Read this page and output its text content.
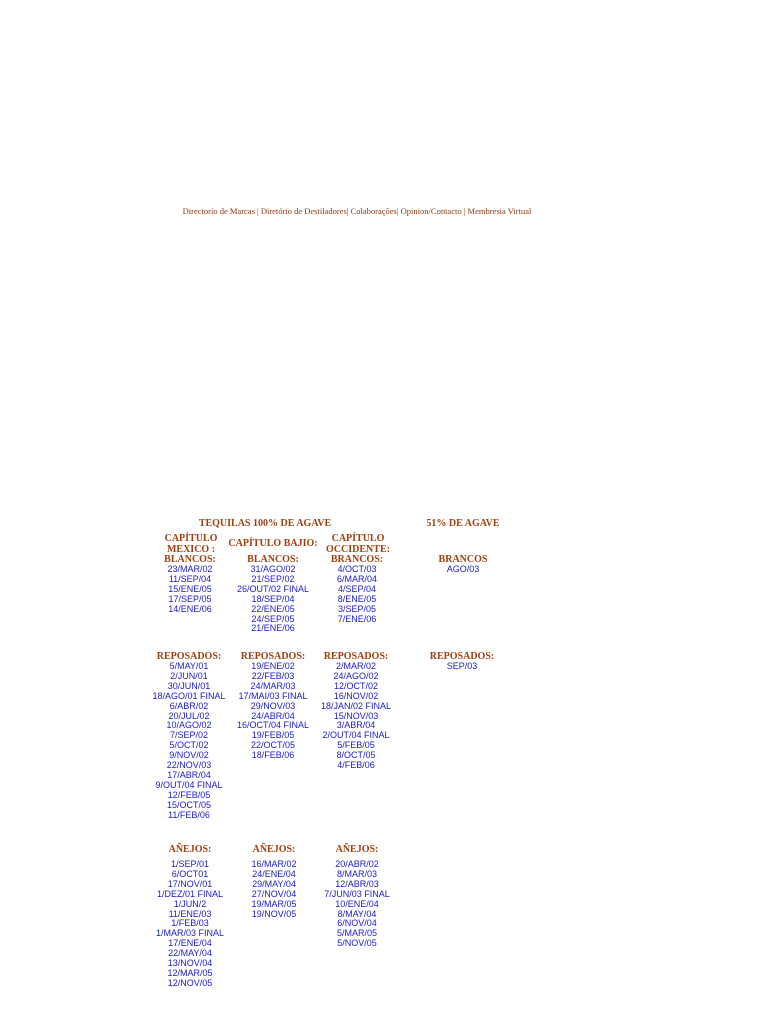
Directorio de Marcas | Diretório de Destiladores| Colaborações| Opinion/Contacto | Membresia Virtual
TEQUILAS 100% DE AGAVE	51% DE AGAVE
CAPÍTULO MEXICO :
CAPÍTULO BAJIO:	CAPÍTULO OCCIDENTE:
BLANCOS:
23/MAR/02
11/SEP/04
15/ENE/05
17/SEP/05
14/ENE/06
BLANCOS:
31/AGO/02
21/SEP/02
26/OUT/02 FINAL
18/SEP/04
22/ENE/05
24/SEP/05
21/ENE/06
BRANCOS:
4/OCT/03
6/MAR/04
4/SEP/04
8/ENE/05
3/SEP/05
7/ENE/06
BRANCOS
AGO/03
REPOSADOS:
5/MAY/01
2/JUN/01
30/JUN/01
18/AGO/01 FINAL
6/ABR/02
20/JUL/02
10/AGO/02
7/SEP/02
5/OCT/02
9/NOV/02
22/NOV/03
17/ABR/04
9/OUT/04 FINAL
12/FEB/05
15/OCT/05
11/FEB/06
REPOSADOS:
19/ENE/02
22/FEB/03
24/MAR/03
17/MAI/03 FINAL
29/NOV/03
24/ABR/04
16/OCT/04 FINAL
19/FEB/05
22/OCT/05
18/FEB/06
REPOSADOS:
2/MAR/02
24/AGO/02
12/OCT/02
16/NOV/02
18/JAN/02 FINAL
15/NOV/03
3/ABR/04
2/OUT/04 FINAL
5/FEB/05
8/OCT/05
4/FEB/06
REPOSADOS:
SEP/03
AÑEJOS:
1/SEP/01
6/OCT01
17/NOV/01
1/DEZ/01 FINAL
1/JUN/2
11/ENE/03
1/FEB/03
1/MAR/03 FINAL
17/ENE/04
22/MAY/04
13/NOV/04
12/MAR/05
12/NOV/05
AÑEJOS:
16/MAR/02
24/ENE/04
29/MAY/04
27/NOV/04
19/MAR/05
19/NOV/05
AÑEJOS:
20/ABR/02
8/MAR/03
12/ABR/03
7/JUN/03 FINAL
10/ENE/04
8/MAY/04
6/NOV/04
5/MAR/05
5/NOV/05
